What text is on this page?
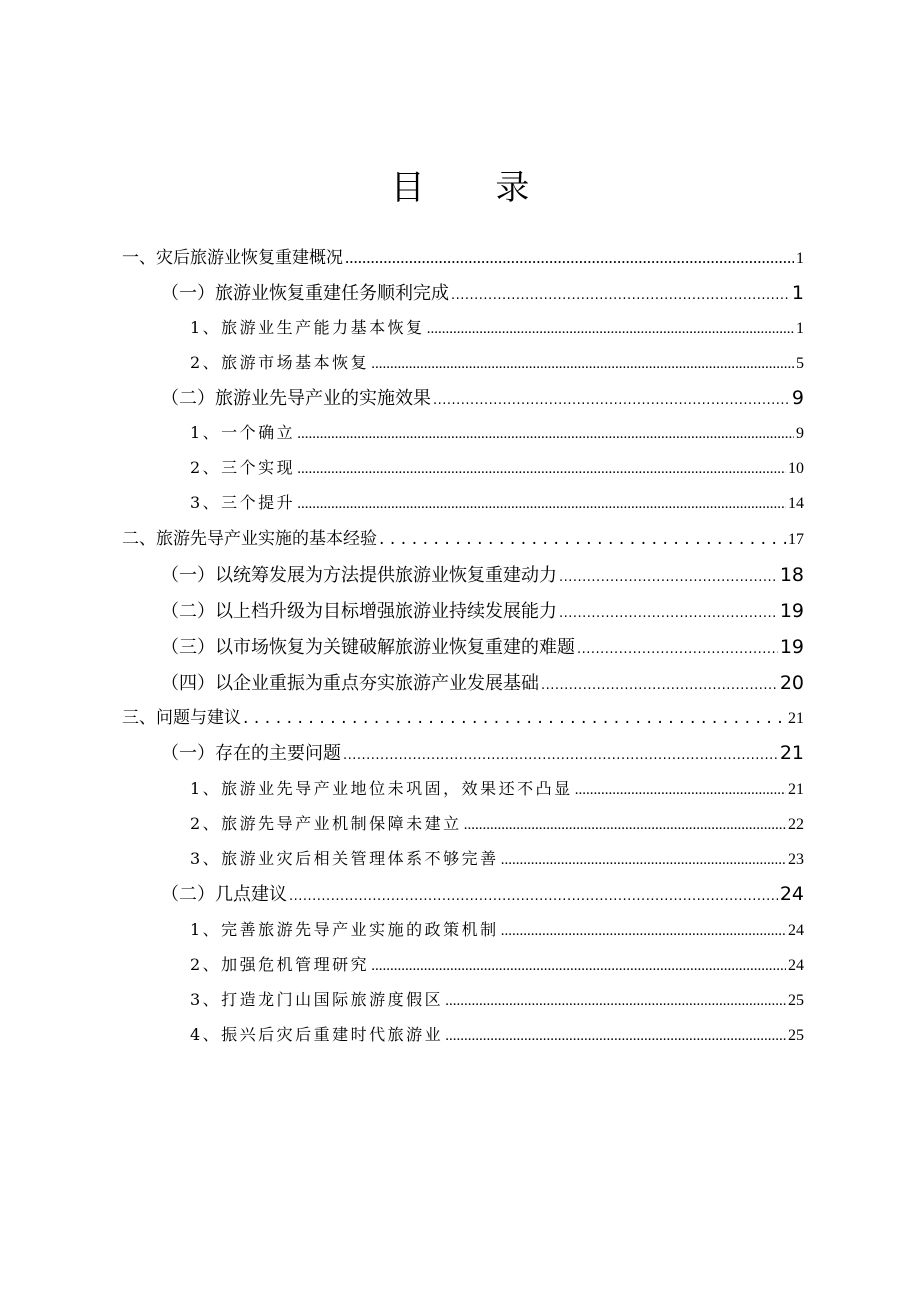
目 录
一、灾后旅游业恢复重建概况 .....	1
（一）旅游业恢复重建任务顺利完成 .....	1
1、旅游业生产能力基本恢复 .....	1
2、旅游市场基本恢复 .....	5
（二）旅游业先导产业的实施效果 .....	9
1、一个确立 .....	9
2、三个实现 .....	10
3、三个提升 .....	14
二、旅游先导产业实施的基本经验 .....	17
（一）以统筹发展为方法提供旅游业恢复重建动力 .....	18
（二）以上档升级为目标增强旅游业持续发展能力 .....	19
（三）以市场恢复为关键破解旅游业恢复重建的难题 .....	19
（四）以企业重振为重点夯实旅游产业发展基础 .....	20
三、问题与建议 .....	21
（一）存在的主要问题 .....	21
1、旅游业先导产业地位未巩固，效果还不凸显 .....	21
2、旅游先导产业机制保障未建立 .....	22
3、旅游业灾后相关管理体系不够完善 .....	23
（二）几点建议 .....	24
1、完善旅游先导产业实施的政策机制 .....	24
2、加强危机管理研究 .....	24
3、打造龙门山国际旅游度假区 .....	25
4、振兴后灾后重建时代旅游业 .....	25
